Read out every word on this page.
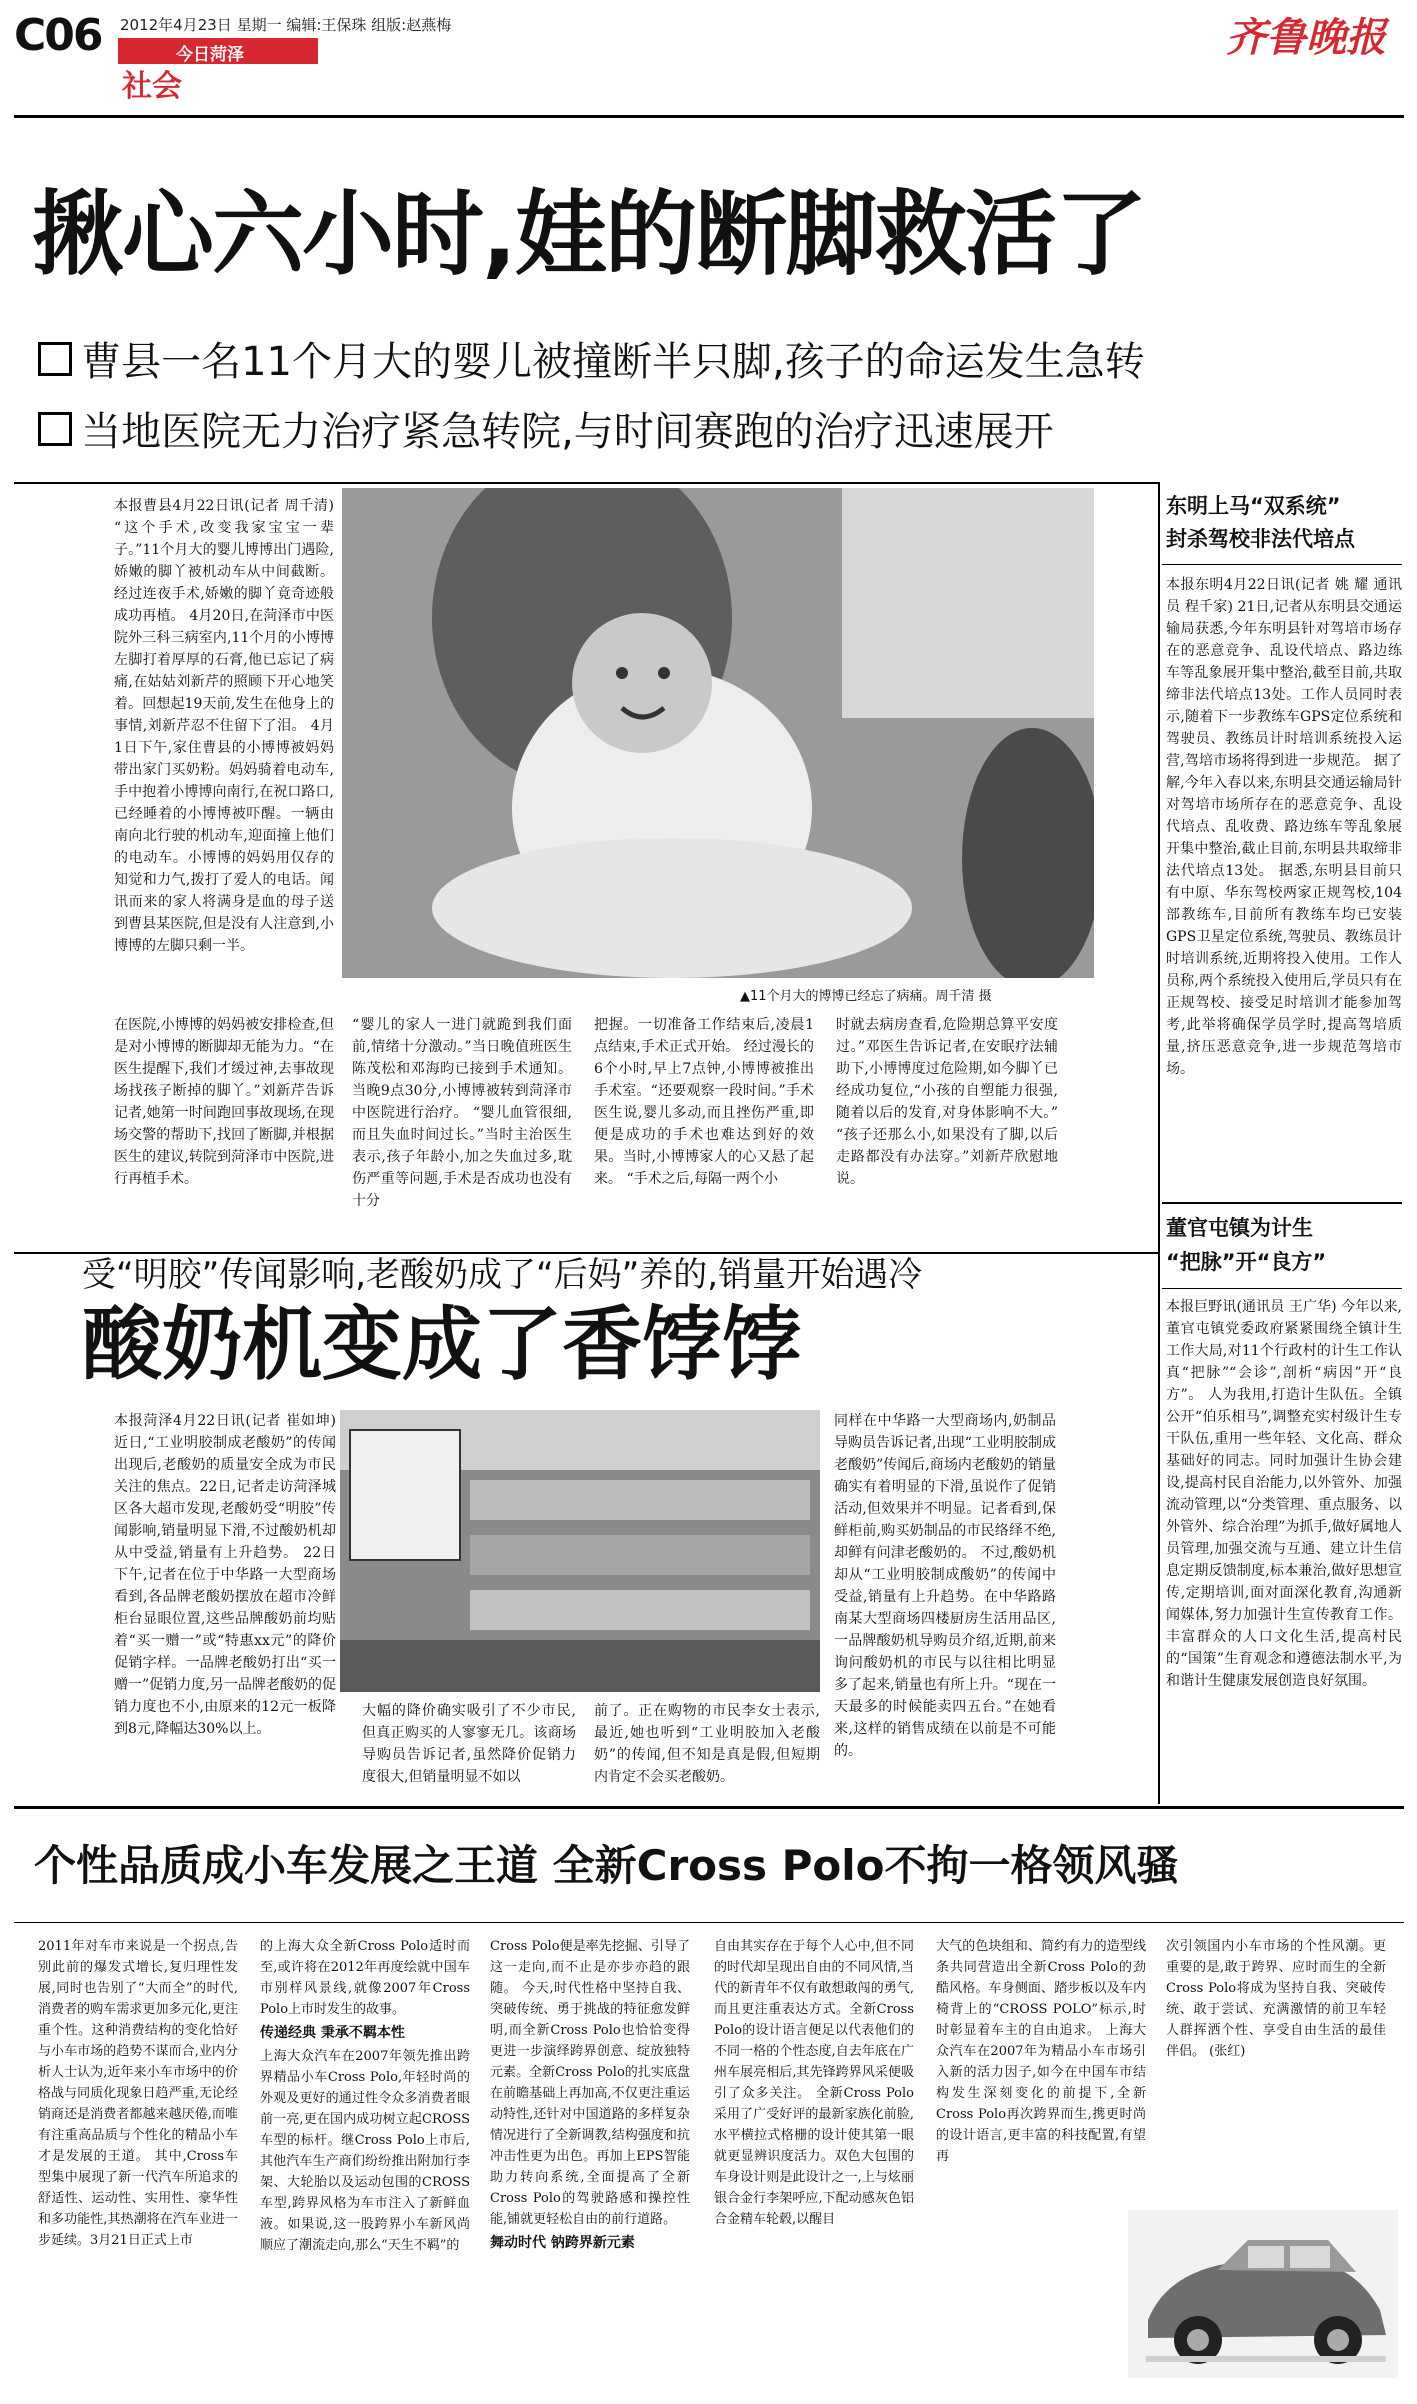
C06 2012年4月23日 星期一 编辑:王保珠 组版:赵燕梅
今日菏泽
社会
齐鲁晚报
揪心六小时,娃的断脚救活了
曹县一名11个月大的婴儿被撞断半只脚,孩子的命运发生急转
当地医院无力治疗紧急转院,与时间赛跑的治疗迅速展开
本报曹县4月22日讯(记者 周千清) “这个手术,改变我家宝宝一辈子。”11个月大的婴儿博博出门遇险,娇嫩的脚丫被机动车从中间截断。经过连夜手术,娇嫩的脚丫竟奇迹般成功再植。 4月20日,在菏泽市中医院外三科三病室内,11个月的小博博左脚打着厚厚的石膏,他已忘记了病痛,在姑姑刘新芹的照顾下开心地笑着。回想起19天前,发生在他身上的事情,刘新芹忍不住留下了泪。 4月1日下午,家住曹县的小博博被妈妈带出家门买奶粉。妈妈骑着电动车,手中抱着小博博向南行,在祝口路口,已经睡着的小博博被吓醒。一辆由南向北行驶的机动车,迎面撞上他们的电动车。小博博的妈妈用仅存的知觉和力气,拨打了爱人的电话。闻讯而来的家人将满身是血的母子送到曹县某医院,但是没有人注意到,小博博的左脚只剩一半。
▲11个月大的博博已经忘了病痛。周千清 摄
在医院,小博博的妈妈被安排检查,但是对小博博的断脚却无能为力。“在医生提醒下,我们才缓过神,去事故现场找孩子断掉的脚丫。”刘新芹告诉记者,她第一时间跑回事故现场,在现场交警的帮助下,找回了断脚,并根据医生的建议,转院到菏泽市中医院,进行再植手术。
“婴儿的家人一进门就跪到我们面前,情绪十分激动。”当日晚值班医生陈茂松和邓海昀已接到手术通知。当晚9点30分,小博博被转到菏泽市中医院进行治疗。 “婴儿血管很细,而且失血时间过长。”当时主治医生表示,孩子年龄小,加之失血过多,耽伤严重等问题,手术是否成功也没有十分
把握。一切准备工作结束后,凌晨1点结束,手术正式开始。 经过漫长的6个小时,早上7点钟,小博博被推出手术室。“还要观察一段时间。”手术医生说,婴儿多动,而且挫伤严重,即便是成功的手术也难达到好的效果。当时,小博博家人的心又悬了起来。 “手术之后,每隔一两个小
时就去病房查看,危险期总算平安度过。”邓医生告诉记者,在安眠疗法辅助下,小博博度过危险期,如今脚丫已经成功复位,“小孩的自塑能力很强,随着以后的发育,对身体影响不大。” “孩子还那么小,如果没有了脚,以后走路都没有办法穿。”刘新芹欣慰地说。
受“明胶”传闻影响,老酸奶成了“后妈”养的,销量开始遇冷
酸奶机变成了香饽饽
本报菏泽4月22日讯(记者 崔如坤) 近日,“工业明胶制成老酸奶”的传闻出现后,老酸奶的质量安全成为市民关注的焦点。22日,记者走访菏泽城区各大超市发现,老酸奶受“明胶”传闻影响,销量明显下滑,不过酸奶机却从中受益,销量有上升趋势。 22日下午,记者在位于中华路一大型商场看到,各品牌老酸奶摆放在超市冷鲜柜台显眼位置,这些品牌酸奶前均贴着“买一赠一”或“特惠xx元”的降价促销字样。一品牌老酸奶打出“买一赠一”促销力度,另一品牌老酸奶的促销力度也不小,由原来的12元一板降到8元,降幅达30%以上。
大幅的降价确实吸引了不少市民,但真正购买的人寥寥无几。该商场导购员告诉记者,虽然降价促销力度很大,但销量明显不如以
前了。正在购物的市民李女士表示,最近,她也听到“工业明胶加入老酸奶”的传闻,但不知是真是假,但短期内肯定不会买老酸奶。
同样在中华路一大型商场内,奶制品导购员告诉记者,出现“工业明胶制成老酸奶”传闻后,商场内老酸奶的销量确实有着明显的下滑,虽说作了促销活动,但效果并不明显。记者看到,保鲜柜前,购买奶制品的市民络绎不绝,却鲜有问津老酸奶的。 不过,酸奶机却从“工业明胶制成酸奶”的传闻中受益,销量有上升趋势。在中华路路南某大型商场四楼厨房生活用品区,一品牌酸奶机导购员介绍,近期,前来询问酸奶机的市民与以往相比明显多了起来,销量也有所上升。“现在一天最多的时候能卖四五台。”在她看来,这样的销售成绩在以前是不可能的。
东明上马“双系统”
封杀驾校非法代培点
本报东明4月22日讯(记者 姚 耀 通讯员 程千家) 21日,记者从东明县交通运输局获悉,今年东明县针对驾培市场存在的恶意竞争、乱设代培点、路边练车等乱象展开集中整治,截至目前,共取缔非法代培点13处。工作人员同时表示,随着下一步教练车GPS定位系统和驾驶员、教练员计时培训系统投入运营,驾培市场将得到进一步规范。 据了解,今年入春以来,东明县交通运输局针对驾培市场所存在的恶意竞争、乱设代培点、乱收费、路边练车等乱象展开集中整治,截止目前,东明县共取缔非法代培点13处。 据悉,东明县目前只有中原、华东驾校两家正规驾校,104部教练车,目前所有教练车均已安装GPS卫星定位系统,驾驶员、教练员计时培训系统,近期将投入使用。工作人员称,两个系统投入使用后,学员只有在正规驾校、接受足时培训才能参加驾考,此举将确保学员学时,提高驾培质量,挤压恶意竞争,进一步规范驾培市场。
董官屯镇为计生
“把脉”开“良方”
本报巨野讯(通讯员 王广华) 今年以来,董官屯镇党委政府紧紧围绕全镇计生工作大局,对11个行政村的计生工作认真“把脉”“会诊”,剖析“病因”开“良方”。 人为我用,打造计生队伍。全镇公开“伯乐相马”,调整充实村级计生专干队伍,重用一些年轻、文化高、群众基础好的同志。同时加强计生协会建设,提高村民自治能力,以外管外、加强流动管理,以“分类管理、重点服务、以外管外、综合治理”为抓手,做好属地人员管理,加强交流与互通、建立计生信息定期反馈制度,标本兼治,做好思想宣传,定期培训,面对面深化教育,沟通新闻媒体,努力加强计生宣传教育工作。丰富群众的人口文化生活,提高村民的“国策”生育观念和遵德法制水平,为和谐计生健康发展创造良好氛围。
个性品质成小车发展之王道 全新Cross Polo不拘一格领风骚
2011年对车市来说是一个拐点,告别此前的爆发式增长,复归理性发展,同时也告别了“大而全”的时代,消费者的购车需求更加多元化,更注重个性。这种消费结构的变化恰好与小车市场的趋势不谋而合,业内分析人士认为,近年来小车市场中的价格战与同质化现象日趋严重,无论经销商还是消费者都越来越厌倦,而唯有注重高品质与个性化的精品小车才是发展的王道。 其中,Cross车型集中展现了新一代汽车所追求的舒适性、运动性、实用性、豪华性和多功能性,其热潮将在汽车业进一步延续。3月21日正式上市
的上海大众全新Cross Polo适时而至,或许将在2012年再度绘就中国车市别样风景线,就像2007年Cross Polo上市时发生的故事。
传递经典 秉承不羁本性
上海大众汽车在2007年领先推出跨界精品小车Cross Polo,年轻时尚的外观及更好的通过性令众多消费者眼前一亮,更在国内成功树立起CROSS车型的标杆。继Cross Polo上市后,其他汽车生产商们纷纷推出附加行李架、大轮胎以及运动包围的CROSS车型,跨界风格为车市注入了新鲜血液。如果说,这一股跨界小车新风尚顺应了潮流走向,那么“天生不羁”的
Cross Polo便是率先挖掘、引导了这一走向,而不止是亦步亦趋的跟随。 今天,时代性格中坚持自我、突破传统、勇于挑战的特征愈发鲜明,而全新Cross Polo也恰恰变得更进一步演绎跨界创意、绽放独特元素。全新Cross Polo的扎实底盘在前瞻基础上再加高,不仅更注重运动特性,还针对中国道路的多样复杂情况进行了全新调教,结构强度和抗冲击性更为出色。再加上EPS智能助力转向系统,全面提高了全新Cross Polo的驾驶路感和操控性能,铺就更轻松自由的前行道路。
舞动时代 钠跨界新元素
自由其实存在于每个人心中,但不同的时代却呈现出自由的不同风情,当代的新青年不仅有敢想敢闯的勇气,而且更注重表达方式。全新Cross Polo的设计语言便足以代表他们的不同一格的个性态度,自去年底在广州车展亮相后,其先锋跨界风采便吸引了众多关注。 全新Cross Polo采用了广受好评的最新家族化前脸,水平横拉式格栅的设计使其第一眼就更显辨识度活力。双色大包围的车身设计则是此设计之一,上与炫丽银合金行李架呼应,下配动感灰色铝合金精车轮毂,以醒目
大气的色块组和、简约有力的造型线条共同营造出全新Cross Polo的劲酷风格。车身侧面、踏步板以及车内椅背上的“CROSS POLO”标示,时时彰显着车主的自由追求。 上海大众汽车在2007年为精品小车市场引入新的活力因子,如今在中国车市结构发生深刻变化的前提下,全新Cross Polo再次跨界而生,携更时尚的设计语言,更丰富的科技配置,有望再
次引领国内小车市场的个性风潮。更重要的是,敢于跨界、应时而生的全新Cross Polo将成为坚持自我、突破传统、敢于尝试、充满激情的前卫车轻人群挥洒个性、享受自由生活的最佳伴侣。 (张红)
